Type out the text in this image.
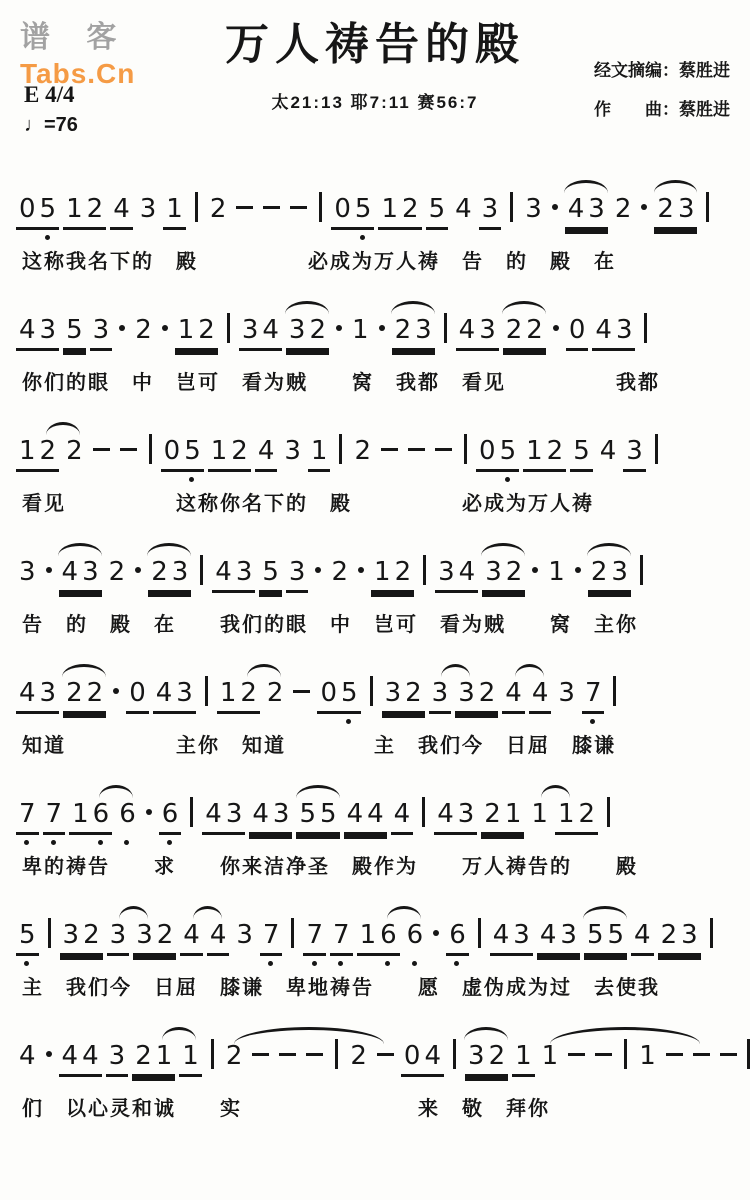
谱 客
Tabs.Cn
万人祷告的殿
太21:13 耶7:11 赛56:7
经文摘编：蔡胜进
作　　曲：蔡胜进
E 4/4
♩=76
0 5 1 2 4 3 1 2	0 5 1 2 5 4 3 3 4 3 2 2 3
这称我名下的　殿　　　　　必成为万人祷　告　的　殿　在
4 3 5 3 2 1 2 3 4 3 2 1 2 3 4 3 2 2 0 4 3
你们的眼　中　岂可　看为贼　　窝　我都　看见　　　　　我都
1 2 2	0 5 1 2 4 3 1 2	0 5 1 2 5 4 3
看见　　　　　这称你名下的　殿　　　　　必成为万人祷
3 4 3 2 2 3 4 3 5 3 2 1 2 3 4 3 2 1 2 3
告　的　殿　在　　我们的眼　中　岂可　看为贼　　窝　主你
4 3 2 2 0 4 3 1 2 2 0 5 3 2 3 3 2 4 4 3 7
知道　　　　　主你　知道　　　　主　我们今　日屈　膝谦
7 7 1 6 6 6 4 3 4 3 5 5 4 4 4 4 3 2 1 1 1 2
卑的祷告　　求　　你来洁净圣　殿作为　　万人祷告的　　殿
5 3 2 3 3 2 4 4 3 7 7 7 1 6 6 6 4 3 4 3 5 5 4 2 3
主　我们今　日屈　膝谦　卑地祷告　　愿　虚伪成为过　去使我
4 4 4 3 2 1 1 2	2 0 4 3 2 1 1	1
们　以心灵和诚　　实　　　　　　　　来　敬　拜你
